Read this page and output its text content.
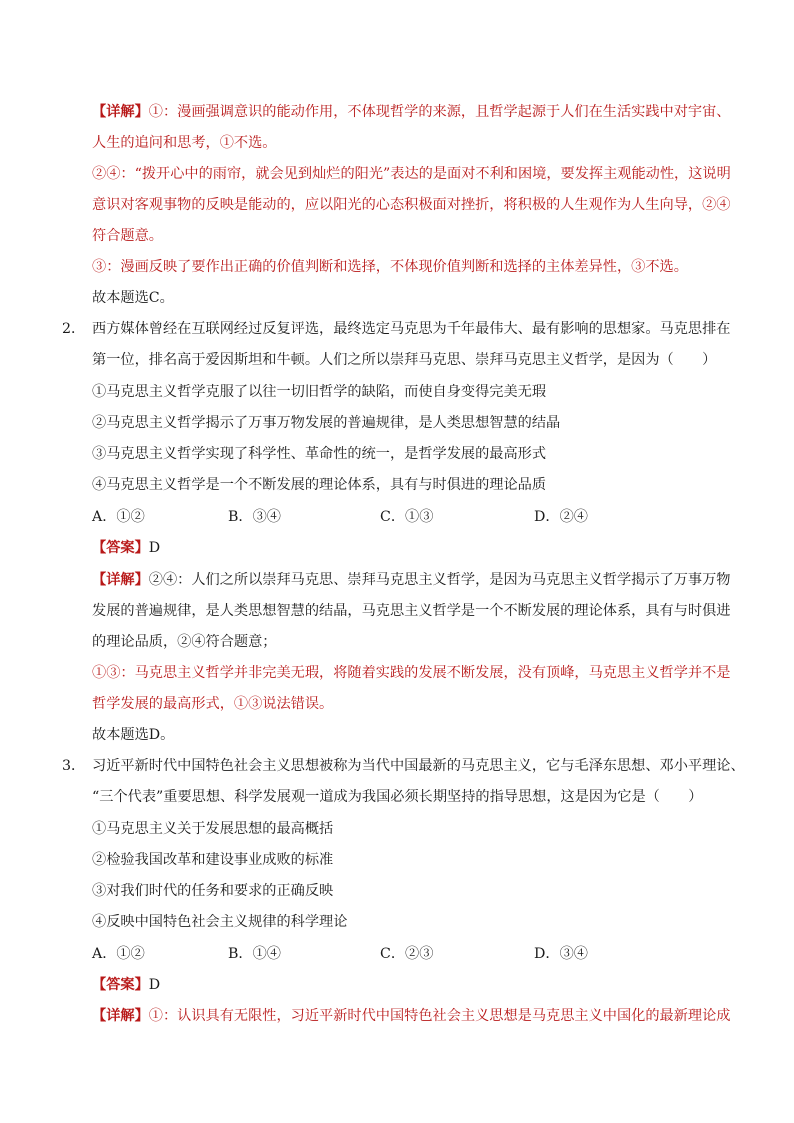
【详解】①：漫画强调意识的能动作用，不体现哲学的来源，且哲学起源于人们在生活实践中对宇宙、
人生的追问和思考，①不选。
②④：“拨开心中的雨帘，就会见到灿烂的阳光”表达的是面对不利和困境，要发挥主观能动性，这说明
意识对客观事物的反映是能动的，应以阳光的心态积极面对挫折，将积极的人生观作为人生向导，②④
符合题意。
③：漫画反映了要作出正确的价值判断和选择，不体现价值判断和选择的主体差异性，③不选。
故本题选C。
2． 西方媒体曾经在互联网经过反复评选，最终选定马克思为千年最伟大、最有影响的思想家。马克思排在
第一位，排名高于爱因斯坦和牛顿。人们之所以崇拜马克思、崇拜马克思主义哲学，是因为（　　）
①马克思主义哲学克服了以往一切旧哲学的缺陷，而使自身变得完美无瑕
②马克思主义哲学揭示了万事万物发展的普遍规律，是人类思想智慧的结晶
③马克思主义哲学实现了科学性、革命性的统一，是哲学发展的最高形式
④马克思主义哲学是一个不断发展的理论体系，具有与时俱进的理论品质
A．①②	B．③④	C．①③	D．②④
【答案】D
【详解】②④：人们之所以崇拜马克思、崇拜马克思主义哲学，是因为马克思主义哲学揭示了万事万物
发展的普遍规律，是人类思想智慧的结晶，马克思主义哲学是一个不断发展的理论体系，具有与时俱进
的理论品质，②④符合题意；
①③：马克思主义哲学并非完美无瑕，将随着实践的发展不断发展，没有顶峰，马克思主义哲学并不是
哲学发展的最高形式，①③说法错误。
故本题选D。
3． 习近平新时代中国特色社会主义思想被称为当代中国最新的马克思主义，它与毛泽东思想、邓小平理论、
“三个代表”重要思想、科学发展观一道成为我国必须长期坚持的指导思想，这是因为它是（　　）
①马克思主义关于发展思想的最高概括
②检验我国改革和建设事业成败的标准
③对我们时代的任务和要求的正确反映
④反映中国特色社会主义规律的科学理论
A．①②	B．①④	C．②③	D．③④
【答案】D
【详解】①：认识具有无限性，习近平新时代中国特色社会主义思想是马克思主义中国化的最新理论成
